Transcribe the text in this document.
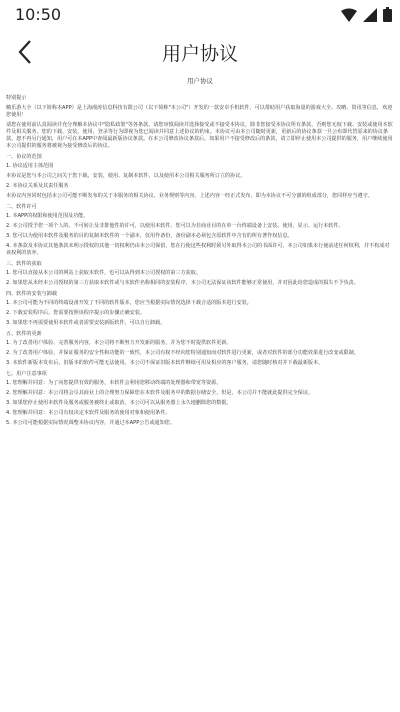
10:50
用户协议
用户协议
特别提示
嗨乐游大全（以下简称本APP）是上海漫涛信息科技有限公司（以下简称"本公司"）开发的一款安卓手机软件，可以帮助用户获取海量的游戏大全、攻略、资讯等信息，欢迎您使用！
请您在使用前认真阅读并充分理解本协议中"隐私政策"等各条款，请您审慎阅读并选择接受或不接受本协议，除非您接受本协议所有条款，否则您无权下载、安装或使用本软件及相关服务。您的下载、安装、使用、登录等行为即视为您已阅读并同意上述协议的约束。本协议可由本公司随时更新，更新后的协议条款一旦公布即代替原来的协议条款，恕不再另行通知，用户可在本APP中查阅最新版协议条款。在本公司修改协议条款后，如果用户不接受修改后的条款，请立即停止使用本公司提供的服务，用户继续使用本公司提供的服务将被视为接受修改后的协议。
一、协议的范围
1. 协议适用主体范围
本协议是您与本公司之间关于您下载、安装、使用、复制本软件，以及使用本公司相关服务所订立的协议。
2. 本协议关系及其责任服务
本协议内容同时包括本公司可能不断发布的关于本服务的相关协议、业务规则等内容。上述内容一经正式发布，即为本协议不可分割的组成部分，您同样应当遵守。
二、软件许可
1. 本APP的权限和使用范围及功能。
2. 本公司授予您一项个人的、不可转让及非排他性的许可，以使用本软件。您可以为非商业目的在单一台终端设备上安装、使用、显示、运行本软件。
3. 您可以为使用本软件及服务的目的复制本软件的一个副本，仅用作备份。备份副本必须包含原软件中含有的所有著作权信息。
4. 本条款及本协议其他条款未明示授权的其他一切权利仍由本公司保留，您在行使这些权利时须另外取得本公司的书面许可。本公司如果未行使前述任何权利，并不构成对该权利的放弃。
三、软件的获取
1. 您可以直接从本公司的网站上获取本软件，也可以从得到本公司授权的第三方获取。
2. 如果您从未经本公司授权的第三方获取本软件或与本软件名称相同的安装程序，本公司无法保证该软件能够正常使用，并对因此给您造成的损失不予负责。
四、软件的安装与卸载
1. 本公司可能为不同的终端设备开发了不同的软件版本，您应当根据实际情况选择下载合适的版本进行安装。
2. 下载安装程序后，您需要按照该程序提示的步骤正确安装。
3. 如果您不再需要使用本软件或者需要安装新版软件，可以自行卸载。
五、软件的更新
1. 为了改善用户体验、完善服务内容，本公司将不断努力开发新的服务，并为您不时提供软件更新。
2. 为了改善用户体验，并保证服务的安全性和功能的一致性，本公司有权不经向您特别通知而对软件进行更新，或者对软件的部分功能效果进行改变或限制。
3. 本软件新版本发布后，旧版本的软件可能无法使用。本公司不保证旧版本软件继续可用及相应的客户服务，请您随时核对并下载最新版本。
七、用户注意事项
1. 您理解并同意：为了向您提供有效的服务，本软件会利用您移动终端的处理器和带宽等资源。
2. 您理解并同意：本公司将会尽其商业上的合理努力保障您在本软件及服务中的数据存储安全，但是，本公司并不能就此提供完全保证。
3. 如果您停止使用本软件及服务或服务被终止或取消，本公司可以从服务器上永久地删除您的数据。
4. 您理解并同意：本公司有权决定本软件及服务的使用对象和使用条件。
5. 本公司可能根据实际情况调整本协议内容，并通过本APP公告或通知您。
